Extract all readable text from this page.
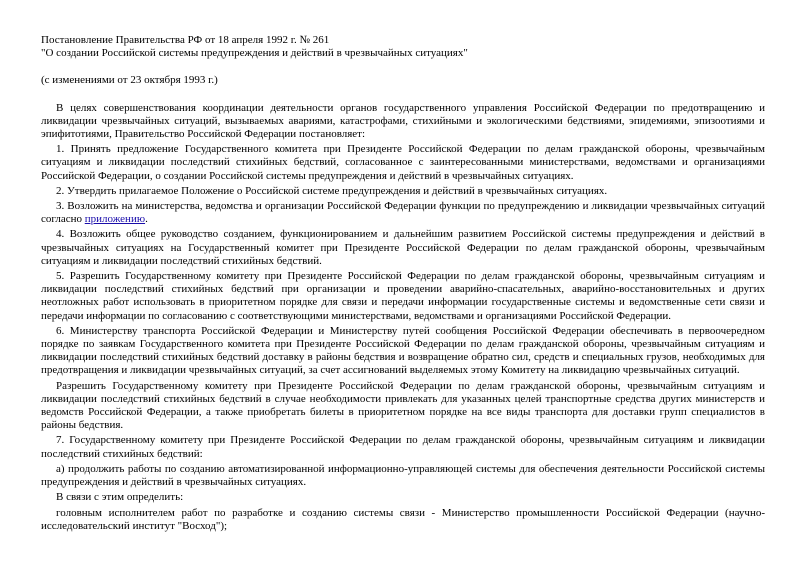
Постановление Правительства РФ от 18 апреля 1992 г. № 261

"О создании Российской системы предупреждения и действий в чрезвычайных ситуациях"

(с изменениями от 23 октября 1993 г.)

В целях совершенствования координации деятельности органов государственного управления Российской Федерации по предотвращению и ликвидации чрезвычайных ситуаций, вызываемых авариями, катастрофами, стихийными и экологическими бедствиями, эпидемиями, эпизоотиями и эпифитотиями, Правительство Российской Федерации постановляет:

1. Принять предложение Государственного комитета при Президенте Российской Федерации по делам гражданской обороны, чрезвычайным ситуациям и ликвидации последствий стихийных бедствий, согласованное с заинтересованными министерствами, ведомствами и организациями Российской Федерации, о создании Российской системы предупреждения и действий в чрезвычайных ситуациях.

2. Утвердить прилагаемое Положение о Российской системе предупреждения и действий в чрезвычайных ситуациях.

3. Возложить на министерства, ведомства и организации Российской Федерации функции по предупреждению и ликвидации чрезвычайных ситуаций согласно приложению.

4. Возложить общее руководство созданием, функционированием и дальнейшим развитием Российской системы предупреждения и действий в чрезвычайных ситуациях на Государственный комитет при Президенте Российской Федерации по делам гражданской обороны, чрезвычайным ситуациям и ликвидации последствий стихийных бедствий.

5. Разрешить Государственному комитету при Президенте Российской Федерации по делам гражданской обороны, чрезвычайным ситуациям и ликвидации последствий стихийных бедствий при организации и проведении аварийно-спасательных, аварийно-восстановительных и других неотложных работ использовать в приоритетном порядке для связи и передачи информации государственные системы и ведомственные сети связи и передачи информации по согласованию с соответствующими министерствами, ведомствами и организациями Российской Федерации.

6. Министерству транспорта Российской Федерации и Министерству путей сообщения Российской Федерации обеспечивать в первоочередном порядке по заявкам Государственного комитета при Президенте Российской Федерации по делам гражданской обороны, чрезвычайным ситуациям и ликвидации последствий стихийных бедствий доставку в районы бедствия и возвращение обратно сил, средств и специальных грузов, необходимых для предотвращения и ликвидации чрезвычайных ситуаций, за счет ассигнований выделяемых этому Комитету на ликвидацию чрезвычайных ситуаций.

Разрешить Государственному комитету при Президенте Российской Федерации по делам гражданской обороны, чрезвычайным ситуациям и ликвидации последствий стихийных бедствий в случае необходимости привлекать для указанных целей транспортные средства других министерств и ведомств Российской Федерации, а также приобретать билеты в приоритетном порядке на все виды транспорта для доставки групп специалистов в районы бедствия.

7. Государственному комитету при Президенте Российской Федерации по делам гражданской обороны, чрезвычайным ситуациям и ликвидации последствий стихийных бедствий:

а) продолжить работы по созданию автоматизированной информационно-управляющей системы для обеспечения деятельности Российской системы предупреждения и действий в чрезвычайных ситуациях.

В связи с этим определить:

головным исполнителем работ по разработке и созданию системы связи - Министерство промышленности Российской Федерации (научно-исследовательский институт "Восход");
